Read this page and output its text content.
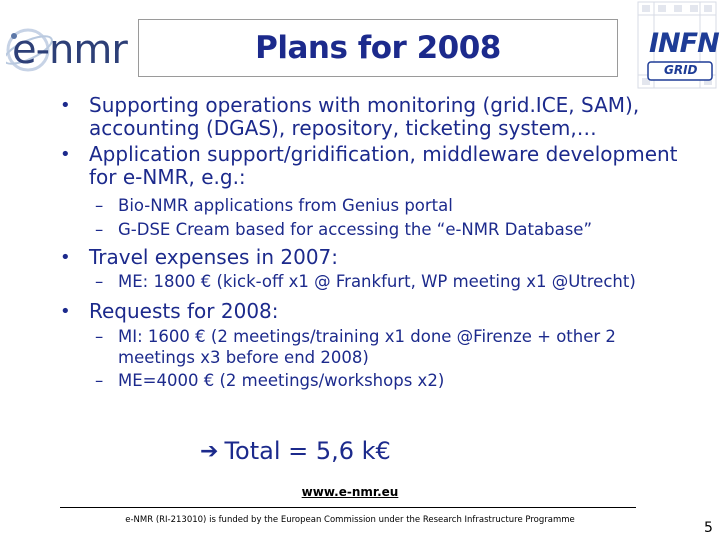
e-nmr	Plans for 2008	INFN
GRID
• Supporting operations with monitoring (grid.ICE, SAM), accounting (DGAS), repository, ticketing system,…
• Application support/gridification, middleware development for e-NMR, e.g.:
– Bio-NMR applications from Genius portal
– G-DSE Cream based for accessing the “e-NMR Database”
• Travel expenses in 2007:
– ME: 1800 € (kick-off x1 @ Frankfurt, WP meeting x1 @Utrecht)
• Requests for 2008:
– MI: 1600 € (2 meetings/training x1 done @Firenze + other 2 meetings x3 before end 2008)
– ME=4000 € (2 meetings/workshops x2)
➔ Total = 5,6 k€
www.e-nmr.eu
e-NMR (RI-213010) is funded by the European Commission under the Research Infrastructure Programme	5
